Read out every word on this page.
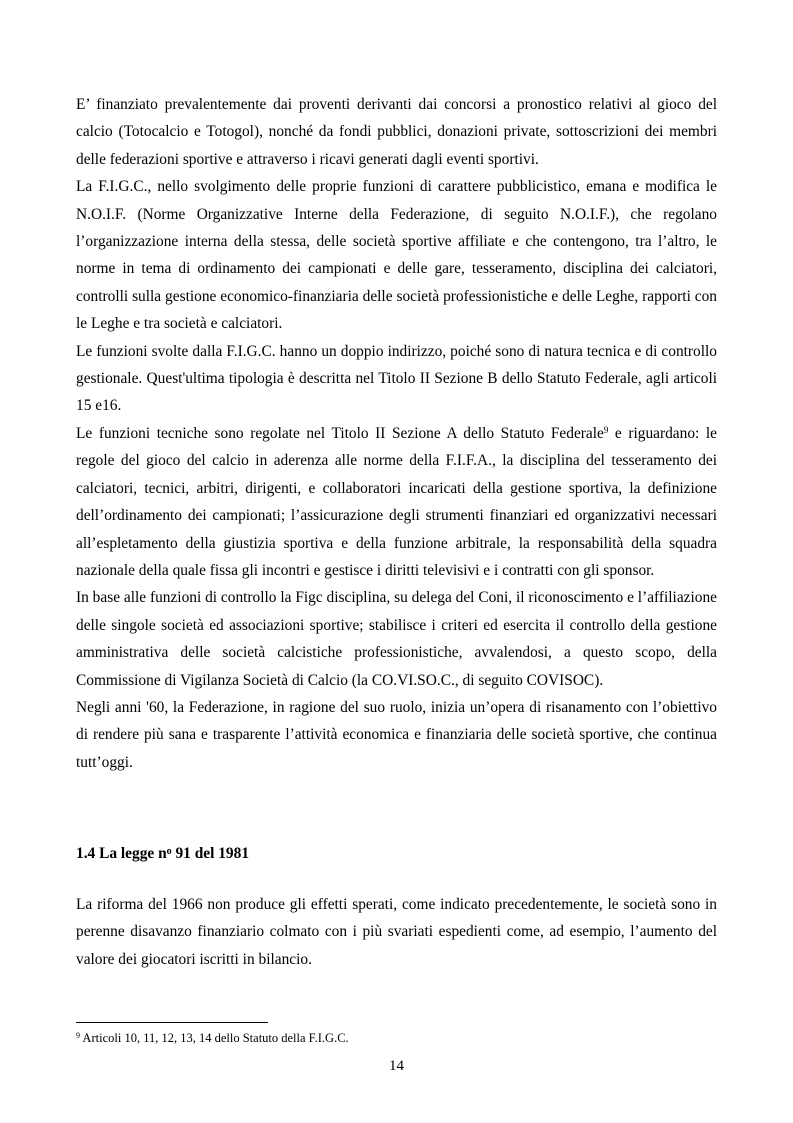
E’ finanziato prevalentemente dai proventi derivanti dai concorsi a pronostico relativi al gioco del calcio (Totocalcio e Totogol), nonché da fondi pubblici, donazioni private, sottoscrizioni dei membri delle federazioni sportive e attraverso i ricavi generati dagli eventi sportivi.

La F.I.G.C., nello svolgimento delle proprie funzioni di carattere pubblicistico, emana e modifica le N.O.I.F. (Norme Organizzative Interne della Federazione, di seguito N.O.I.F.), che regolano l’organizzazione interna della stessa, delle società sportive affiliate e che contengono, tra l’altro, le norme in tema di ordinamento dei campionati e delle gare, tesseramento, disciplina dei calciatori, controlli sulla gestione economico-finanziaria delle società professionistiche e delle Leghe, rapporti con le Leghe e tra società e calciatori.

Le funzioni svolte dalla F.I.G.C. hanno un doppio indirizzo, poiché sono di natura tecnica e di controllo gestionale. Quest'ultima tipologia è descritta nel Titolo II Sezione B dello Statuto Federale, agli articoli 15 e16.

Le funzioni tecniche sono regolate nel Titolo II Sezione A dello Statuto Federale$^9$ e riguardano: le regole del gioco del calcio in aderenza alle norme della F.I.F.A., la disciplina del tesseramento dei calciatori, tecnici, arbitri, dirigenti, e collaboratori incaricati della gestione sportiva, la definizione dell’ordinamento dei campionati; l’assicurazione degli strumenti finanziari ed organizzativi necessari all’espletamento della giustizia sportiva e della funzione arbitrale, la responsabilità della squadra nazionale della quale fissa gli incontri e gestisce i diritti televisivi e i contratti con gli sponsor.

In base alle funzioni di controllo la Figc disciplina, su delega del Coni, il riconoscimento e l’affiliazione delle singole società ed associazioni sportive; stabilisce i criteri ed esercita il controllo della gestione amministrativa delle società calcistiche professionistiche, avvalendosi, a questo scopo, della Commissione di Vigilanza Società di Calcio (la CO.VI.SO.C., di seguito COVISOC).

Negli anni '60, la Federazione, in ragione del suo ruolo, inizia un’opera di risanamento con l’obiettivo di rendere più sana e trasparente l’attività economica e finanziaria delle società sportive, che continua tutt’oggi.

1.4 La legge $n^o$ 91 del 1981

La riforma del 1966 non produce gli effetti sperati, come indicato precedentemente, le società sono in perenne disavanzo finanziario colmato con i più svariati espedienti come, ad esempio, l’aumento del valore dei giocatori iscritti in bilancio.

$^9$ Articoli 10, 11, 12, 13, 14 dello Statuto della F.I.G.C.
14
